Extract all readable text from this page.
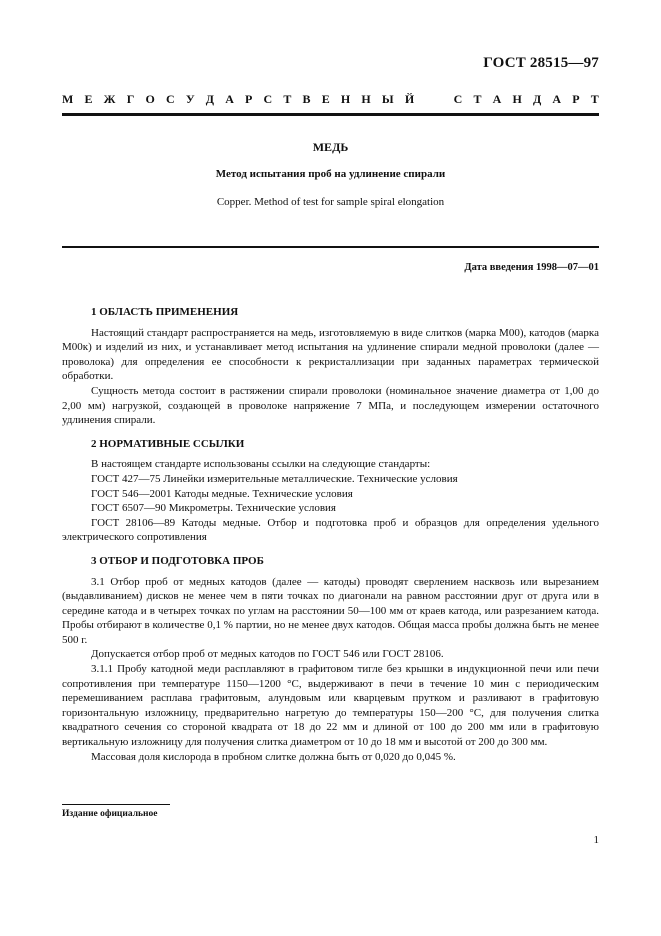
ГОСТ 28515—97
М Е Ж Г О С У Д А Р С Т В Е Н Н Ы Й

	С Т А Н Д А Р Т
МЕДЬ
Метод испытания проб на удлинение спирали
Copper. Method of test for sample spiral elongation
Дата введения 1998—07—01
1 ОБЛАСТЬ ПРИМЕНЕНИЯ
Настоящий стандарт распространяется на медь, изготовляемую в виде слитков (марка М00), катодов (марка М00к) и изделий из них, и устанавливает метод испытания на удлинение спирали медной проволоки (далее — проволока) для определения ее способности к рекристаллизации при заданных параметрах термической обработки.
Сущность метода состоит в растяжении спирали проволоки (номинальное значение диаметра от 1,00 до 2,00 мм) нагрузкой, создающей в проволоке напряжение 7 МПа, и последующем измерении остаточного удлинения спирали.
2 НОРМАТИВНЫЕ ССЫЛКИ
В настоящем стандарте использованы ссылки на следующие стандарты:
ГОСТ 427—75 Линейки измерительные металлические. Технические условия
ГОСТ 546—2001 Катоды медные. Технические условия
ГОСТ 6507—90 Микрометры. Технические условия
ГОСТ 28106—89 Катоды медные. Отбор и подготовка проб и образцов для определения удельного электрического сопротивления
3 ОТБОР И ПОДГОТОВКА ПРОБ
3.1 Отбор проб от медных катодов (далее — катоды) проводят сверлением насквозь или вырезанием (выдавливанием) дисков не менее чем в пяти точках по диагонали на равном расстоянии друг от друга или в середине катода и в четырех точках по углам на расстоянии 50—100 мм от краев катода, или разрезанием катода. Пробы отбирают в количестве 0,1 % партии, но не менее двух катодов. Общая масса пробы должна быть не менее 500 г.
Допускается отбор проб от медных катодов по ГОСТ 546 или ГОСТ 28106.
3.1.1 Пробу катодной меди расплавляют в графитовом тигле без крышки в индукционной печи или печи сопротивления при температуре 1150—1200 °С, выдерживают в печи в течение 10 мин с периодическим перемешиванием расплава графитовым, алундовым или кварцевым прутком и разливают в графитовую горизонтальную изложницу, предварительно нагретую до температуры 150—200 °С, для получения слитка квадратного сечения со стороной квадрата от 18 до 22 мм и длиной от 100 до 200 мм или в графитовую вертикальную изложницу для получения слитка диаметром от 10 до 18 мм и высотой от 200 до 300 мм.
Массовая доля кислорода в пробном слитке должна быть от 0,020 до 0,045 %.
Издание официальное
1
